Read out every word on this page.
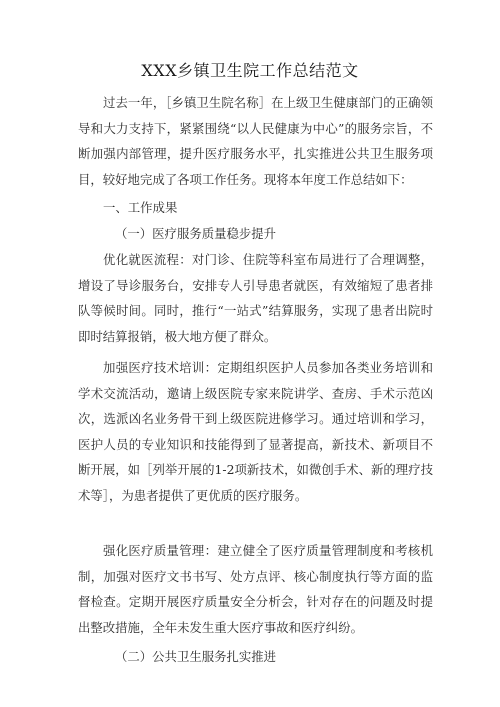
XXX乡镇卫生院工作总结范文

过去一年，［乡镇卫生院名称］在上级卫生健康部门的正确领导和大力支持下，紧紧围绕“以人民健康为中心”的服务宗旨，不断加强内部管理，提升医疗服务水平，扎实推进公共卫生服务项目，较好地完成了各项工作任务。现将本年度工作总结如下：

一、工作成果

（一）医疗服务质量稳步提升

优化就医流程：对门诊、住院等科室布局进行了合理调整，增设了导诊服务台，安排专人引导患者就医，有效缩短了患者排队等候时间。同时，推行“一站式”结算服务，实现了患者出院时即时结算报销，极大地方便了群众。

加强医疗技术培训：定期组织医护人员参加各类业务培训和学术交流活动，邀请上级医院专家来院讲学、查房、手术示范凶次，选派凶名业务骨干到上级医院进修学习。通过培训和学习，医护人员的专业知识和技能得到了显著提高，新技术、新项目不断开展，如［列举开展的1-2项新技术，如微创手术、新的理疗技术等］，为患者提供了更优质的医疗服务。

强化医疗质量管理：建立健全了医疗质量管理制度和考核机制，加强对医疗文书书写、处方点评、核心制度执行等方面的监督检查。定期开展医疗质量安全分析会，针对存在的问题及时提出整改措施，全年未发生重大医疗事故和医疗纠纷。

（二）公共卫生服务扎实推进
